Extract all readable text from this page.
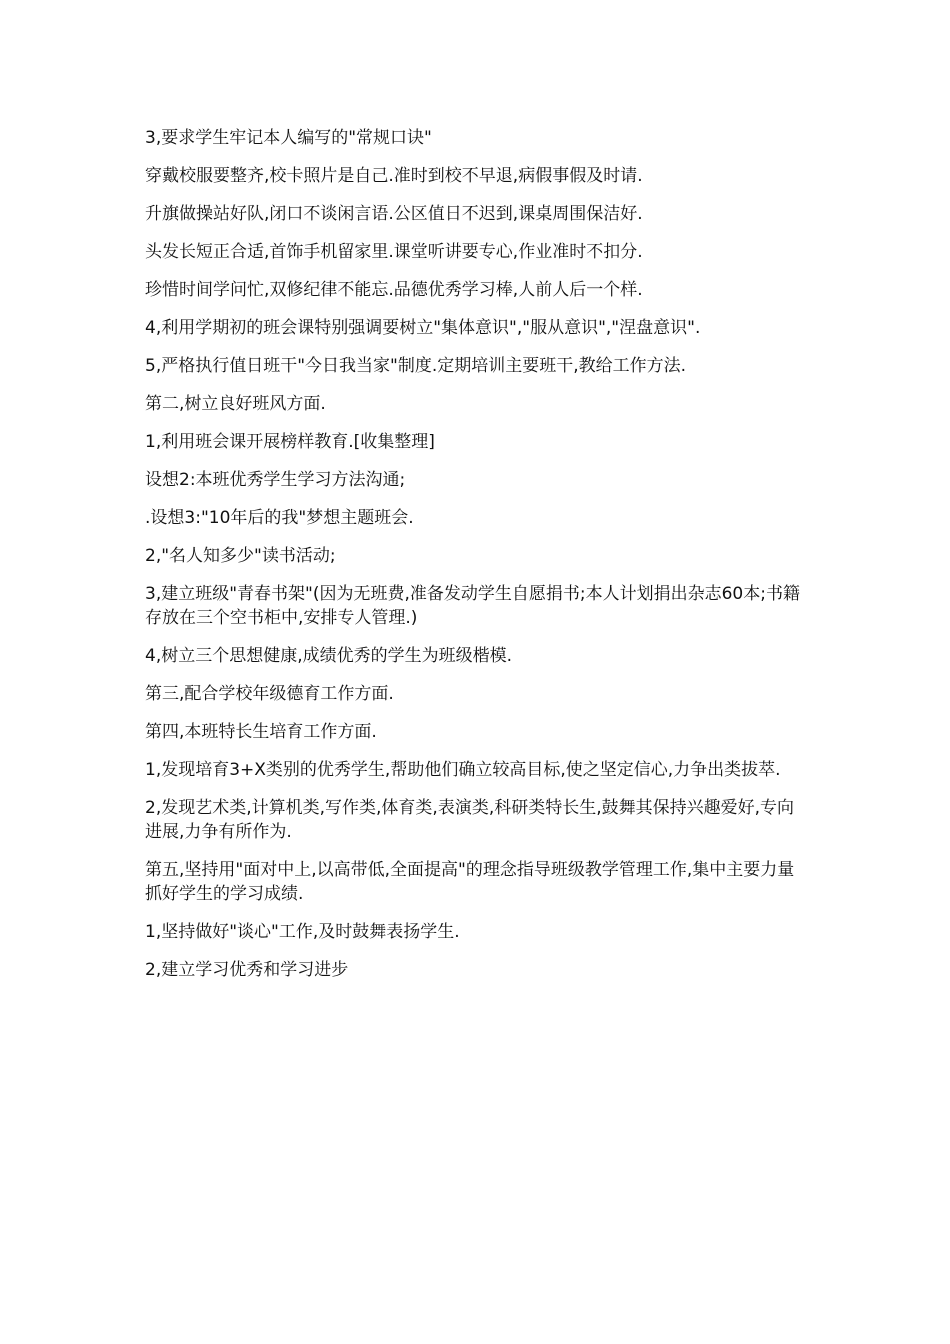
3,要求学生牢记本人编写的"常规口诀"

穿戴校服要整齐,校卡照片是自己.准时到校不早退,病假事假及时请.

升旗做操站好队,闭口不谈闲言语.公区值日不迟到,课桌周围保洁好.

头发长短正合适,首饰手机留家里.课堂听讲要专心,作业准时不扣分.

珍惜时间学问忙,双修纪律不能忘.品德优秀学习棒,人前人后一个样.

4,利用学期初的班会课特别强调要树立"集体意识","服从意识","涅盘意识".

5,严格执行值日班干"今日我当家"制度.定期培训主要班干,教给工作方法.

第二,树立良好班风方面.

1,利用班会课开展榜样教育.[收集整理]

设想2:本班优秀学生学习方法沟通;

.设想3:"10年后的我"梦想主题班会.

2,"名人知多少"读书活动;

3,建立班级"青春书架"(因为无班费,准备发动学生自愿捐书;本人计划捐出杂志60本;书籍存放在三个空书柜中,安排专人管理.)

4,树立三个思想健康,成绩优秀的学生为班级楷模.

第三,配合学校年级德育工作方面.

第四,本班特长生培育工作方面.

1,发现培育3+X类别的优秀学生,帮助他们确立较高目标,使之坚定信心,力争出类拔萃.

2,发现艺术类,计算机类,写作类,体育类,表演类,科研类特长生,鼓舞其保持兴趣爱好,专向进展,力争有所作为.

第五,坚持用"面对中上,以高带低,全面提高"的理念指导班级教学管理工作,集中主要力量抓好学生的学习成绩.

1,坚持做好"谈心"工作,及时鼓舞表扬学生.

2,建立学习优秀和学习进步
